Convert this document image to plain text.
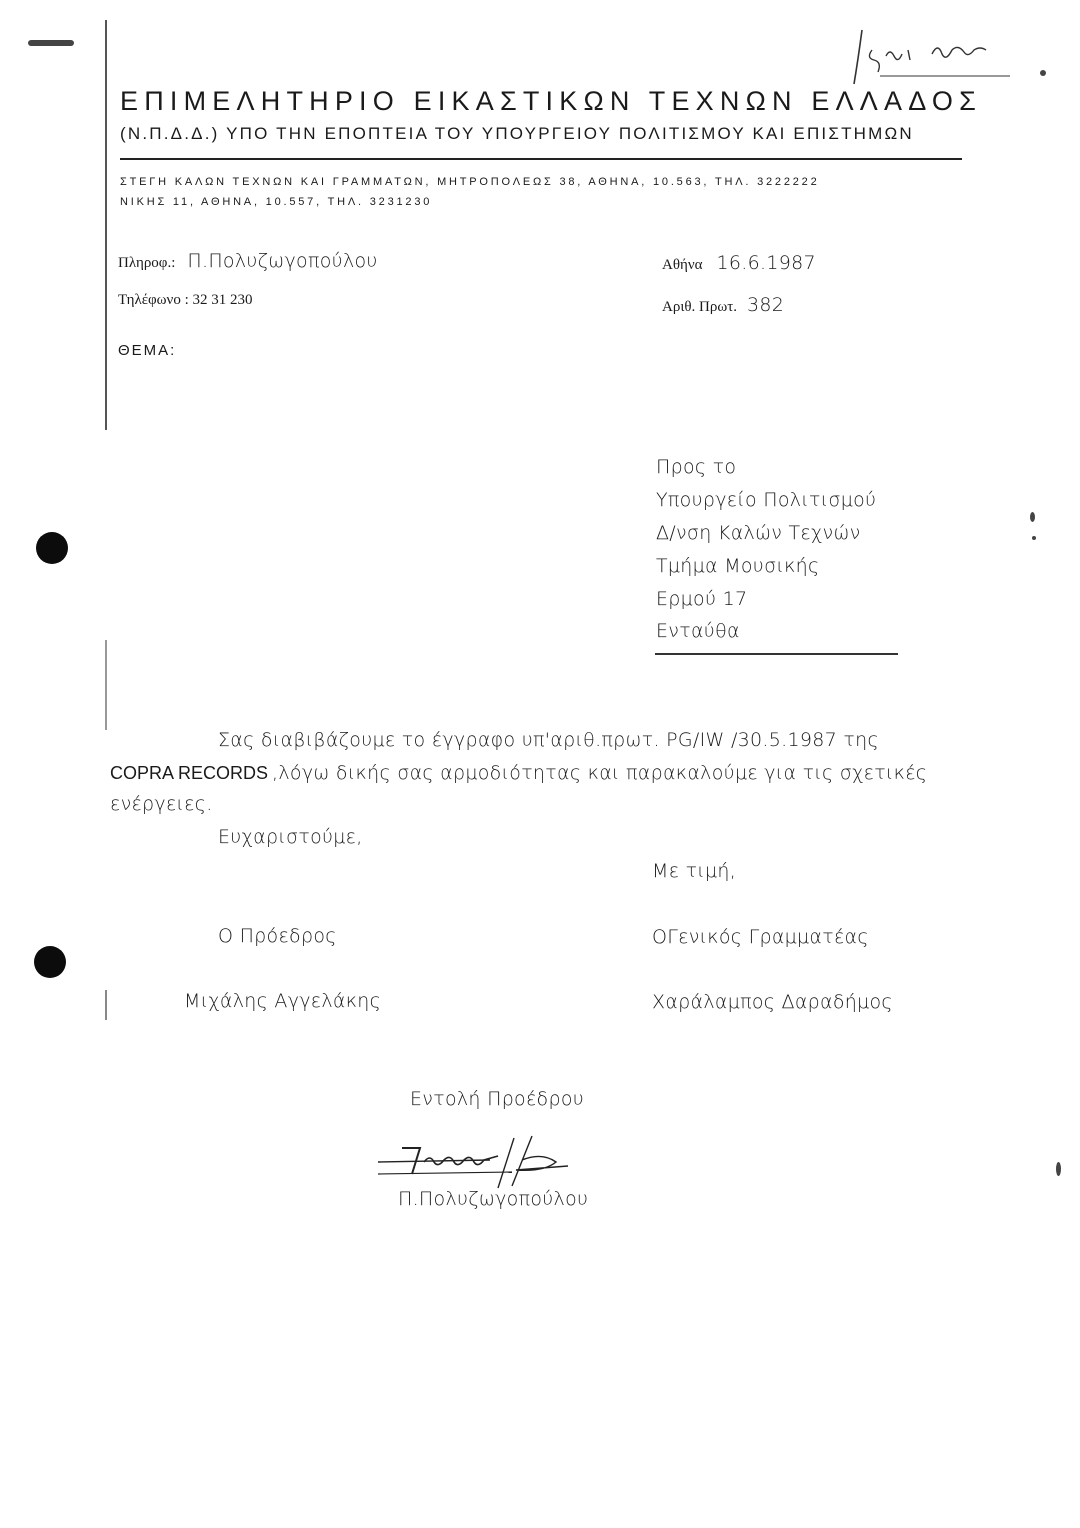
ΕΠΙΜΕΛΗΤΗΡΙΟ ΕΙΚΑΣΤΙΚΩΝ ΤΕΧΝΩΝ ΕΛΛΑΔΟΣ
(Ν.Π.Δ.Δ.) ΥΠΟ ΤΗΝ ΕΠΟΠΤΕΙΑ ΤΟΥ ΥΠΟΥΡΓΕΙΟΥ ΠΟΛΙΤΙΣΜΟΥ ΚΑΙ ΕΠΙΣΤΗΜΩΝ
ΣΤΕΓΗ ΚΑΛΩΝ ΤΕΧΝΩΝ ΚΑΙ ΓΡΑΜΜΑΤΩΝ, ΜΗΤΡΟΠΟΛΕΩΣ 38, ΑΘΗΝΑ, 10.563, ΤΗΛ. 3222222
ΝΙΚΗΣ 11, ΑΘΗΝΑ, 10.557, ΤΗΛ. 3231230
Πληροφ.: Π.Πολυζωγοπούλου
Τηλέφωνο : 32 31 230
ΘΕΜΑ:
Αθήνα 16.6.1987
Αριθ. Πρωτ. 382
Προς το
Υπουργείο Πολιτισμού
Δ/νση Καλών Τεχνών
Τμήμα Μουσικής
Ερμού 17
Ενταύθα
Σας διαβιβάζουμε το έγγραφο υπ'αριθ.πρωτ. PG/IW /30.5.1987 της
COPRA RECORDS ,λόγω δικής σας αρμοδιότητας και παρακαλούμε για τις σχετικές
ενέργειες.
Ευχαριστούμε,
Με τιμή,
Ο Πρόεδρος	ΟΓενικός Γραμματέας
Μιχάλης Αγγελάκης	Χαράλαμπος Δαραδήμος
Εντολή Προέδρου
Π.Πολυζωγοπούλου
